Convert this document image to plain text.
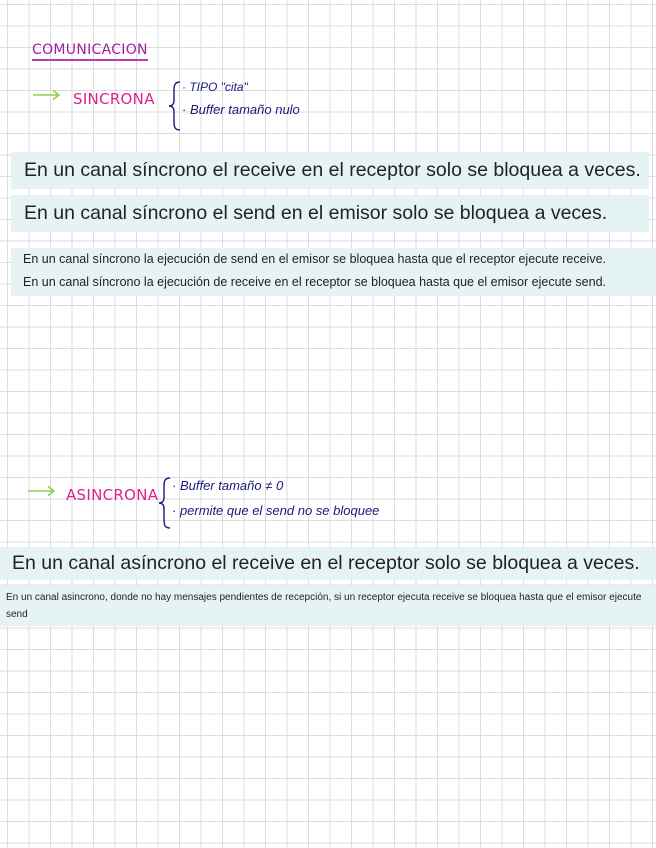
COMUNICACION
SINCRONA
· TIPO "cita"
· Buffer tamaño nulo
En un canal síncrono el receive en el receptor solo se bloquea a veces.
En un canal síncrono el send en el emisor solo se bloquea a veces.
En un canal síncrono la ejecución de send en el emisor se bloquea hasta que el receptor ejecute receive.
En un canal síncrono la ejecución de receive en el receptor se bloquea hasta que el emisor ejecute send.
ASINCRONA
· Buffer tamaño ≠ 0
· permite que el send no se bloquee
En un canal asíncrono el receive en el receptor solo se bloquea a veces.
En un canal asincrono, donde no hay mensajes pendientes de recepción, si un receptor ejecuta receive se bloquea hasta que el emisor ejecute send
